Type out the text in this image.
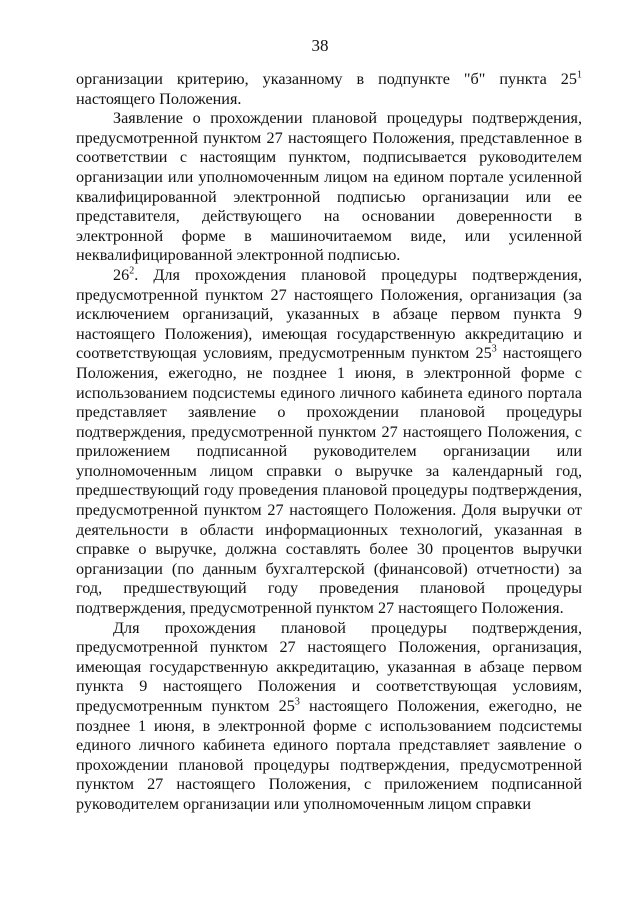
38

организации критерию, указанному в подпункте "б" пункта $25^1$ настоящего Положения.

Заявление о прохождении плановой процедуры подтверждения, предусмотренной пунктом 27 настоящего Положения, представленное в соответствии с настоящим пунктом, подписывается руководителем организации или уполномоченным лицом на едином портале усиленной квалифицированной электронной подписью организации или ее представителя, действующего на основании доверенности в электронной форме в машиночитаемом виде, или усиленной неквалифицированной электронной подписью.

$26^2$. Для прохождения плановой процедуры подтверждения, предусмотренной пунктом 27 настоящего Положения, организация (за исключением организаций, указанных в абзаце первом пункта 9 настоящего Положения), имеющая государственную аккредитацию и соответствующая условиям, предусмотренным пунктом $25^3$ настоящего Положения, ежегодно, не позднее 1 июня, в электронной форме с использованием подсистемы единого личного кабинета единого портала представляет заявление о прохождении плановой процедуры подтверждения, предусмотренной пунктом 27 настоящего Положения, с приложением подписанной руководителем организации или уполномоченным лицом справки о выручке за календарный год, предшествующий году проведения плановой процедуры подтверждения, предусмотренной пунктом 27 настоящего Положения. Доля выручки от деятельности в области информационных технологий, указанная в справке о выручке, должна составлять более 30 процентов выручки организации (по данным бухгалтерской (финансовой) отчетности) за год, предшествующий году проведения плановой процедуры подтверждения, предусмотренной пунктом 27 настоящего Положения.

Для прохождения плановой процедуры подтверждения, предусмотренной пунктом 27 настоящего Положения, организация, имеющая государственную аккредитацию, указанная в абзаце первом пункта 9 настоящего Положения и соответствующая условиям, предусмотренным пунктом $25^3$ настоящего Положения, ежегодно, не позднее 1 июня, в электронной форме с использованием подсистемы единого личного кабинета единого портала представляет заявление о прохождении плановой процедуры подтверждения, предусмотренной пунктом 27 настоящего Положения, с приложением подписанной руководителем организации или уполномоченным лицом справки
